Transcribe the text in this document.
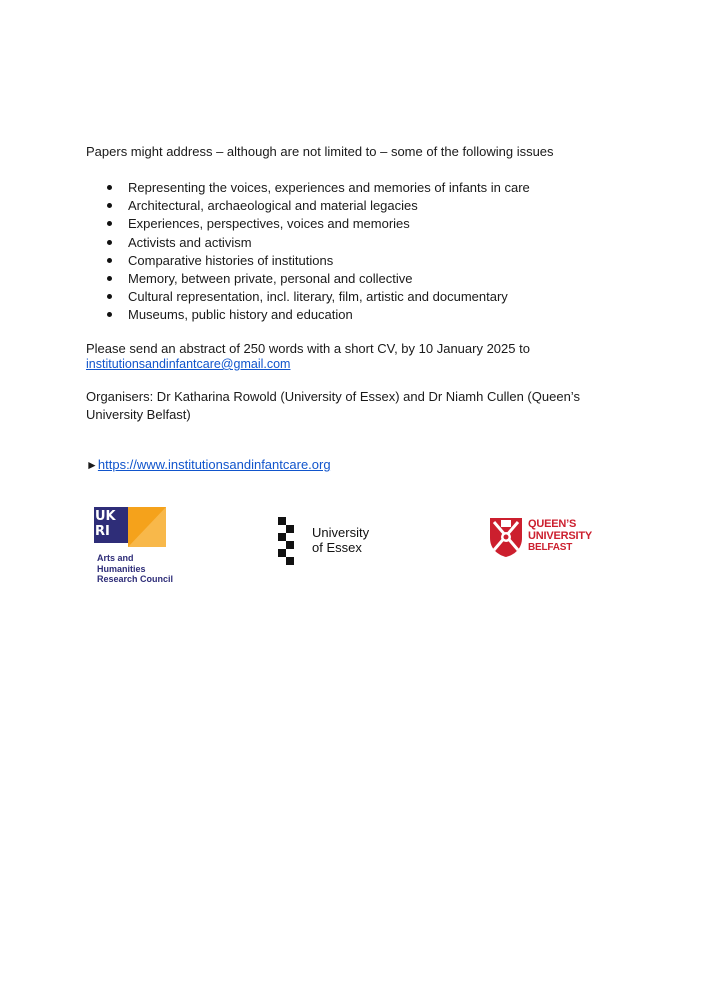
Papers might address – although are not limited to – some of the following issues
Representing the voices, experiences and memories of infants in care
Architectural, archaeological and material legacies
Experiences, perspectives, voices and memories
Activists and activism
Comparative histories of institutions
Memory, between private, personal and collective
Cultural representation, incl. literary, film, artistic and documentary
Museums, public history and education
Please send an abstract of 250 words with a short CV, by 10 January 2025 to
institutionsandinfantcare@gmail.com
Organisers: Dr Katharina Rowold (University of Essex) and Dr Niamh Cullen (Queen’s University Belfast)
►https://www.institutionsandinfantcare.org
UK
RI
Arts and
Humanities
Research Council
University
of Essex
QUEEN’S
UNIVERSITY
BELFAST
